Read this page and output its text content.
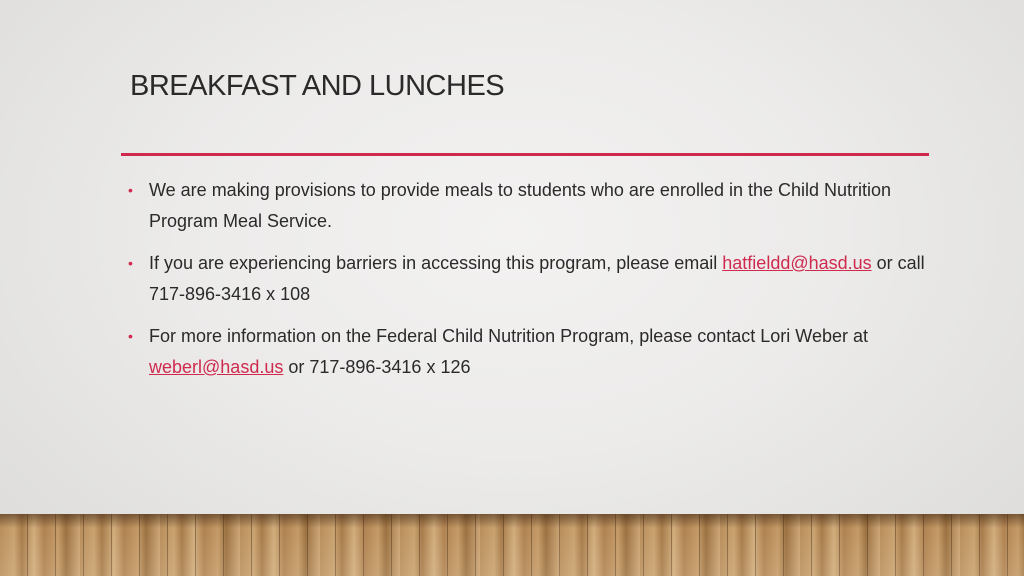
BREAKFAST AND LUNCHES
• We are making provisions to provide meals to students who are enrolled in the Child Nutrition Program Meal Service.
• If you are experiencing barriers in accessing this program, please email hatfieldd@hasd.us or call 717-896-3416 x 108
• For more information on the Federal Child Nutrition Program, please contact Lori Weber at weberl@hasd.us or 717-896-3416 x 126
